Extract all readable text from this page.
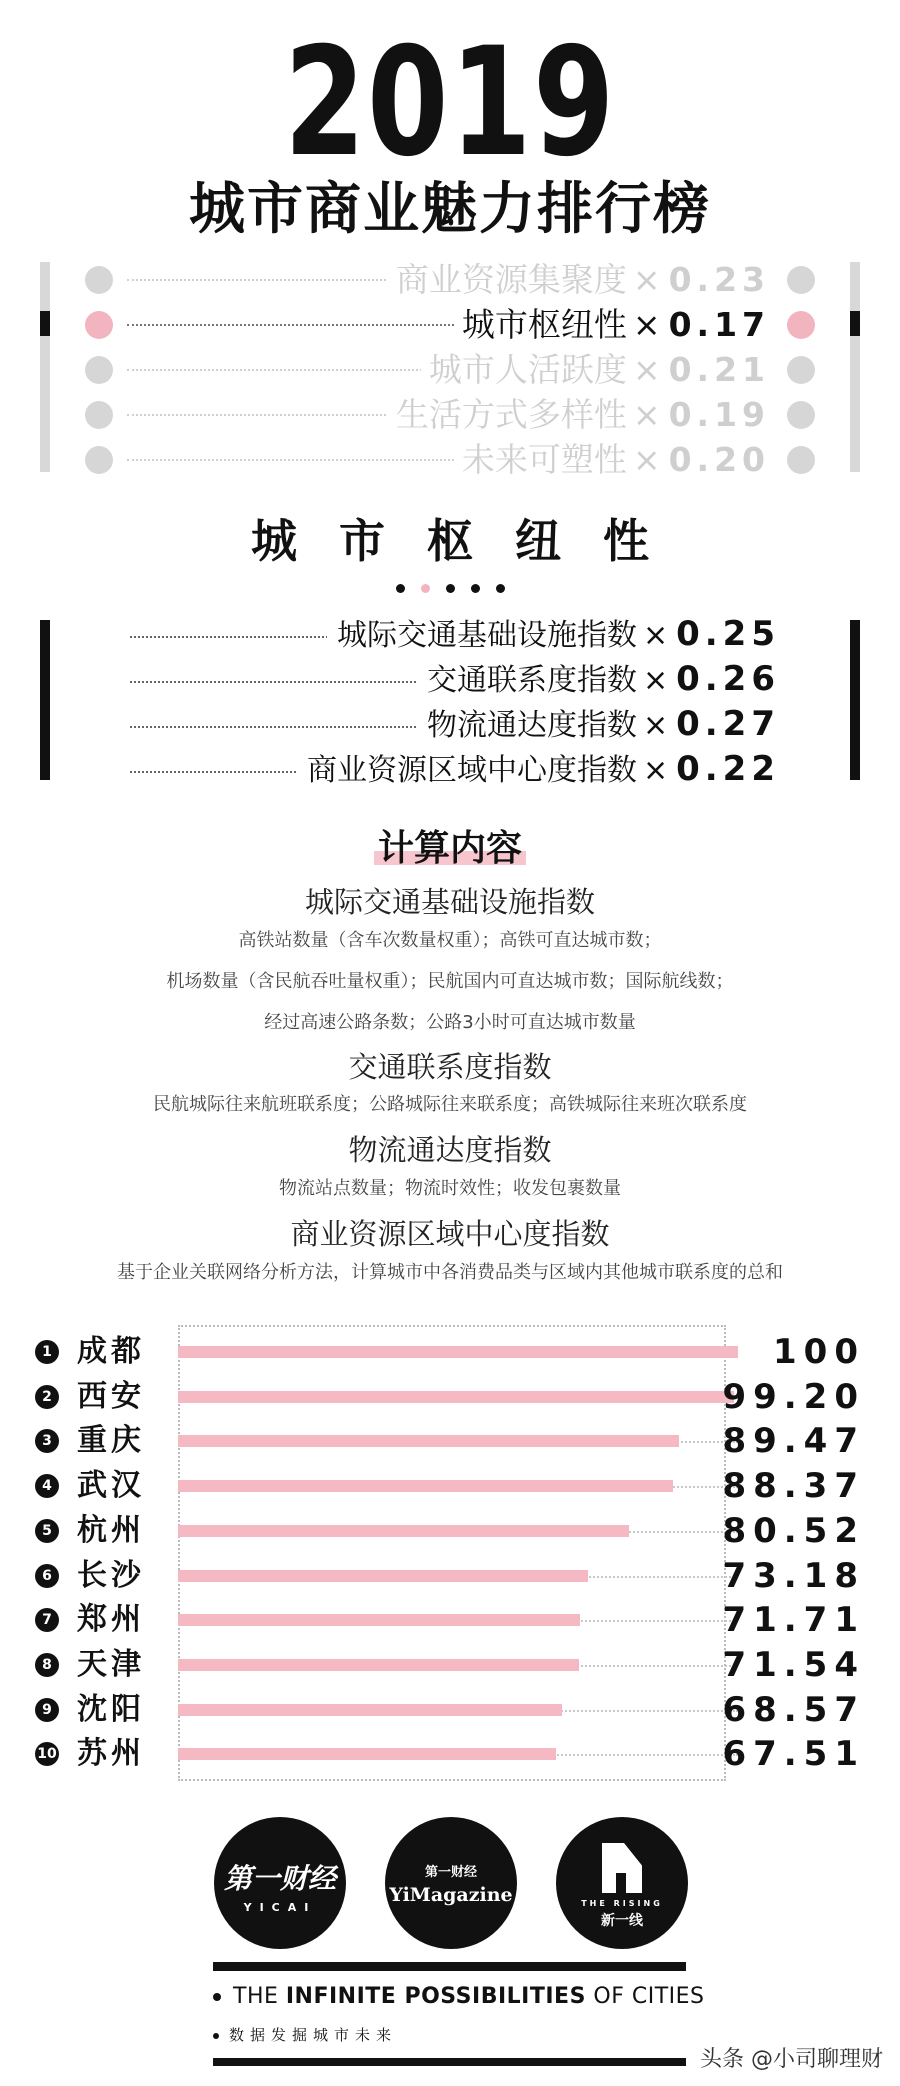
2019
城市商业魅力排行榜
商业资源集聚度 × 0.23
城市枢纽性 × 0.17
城市人活跃度 × 0.21
生活方式多样性 × 0.19
未来可塑性 × 0.20
城市枢纽性
城际交通基础设施指数 × 0.25
交通联系度指数 × 0.26
物流通达度指数 × 0.27
商业资源区域中心度指数 × 0.22
计算内容
城际交通基础设施指数
高铁站数量（含车次数量权重）；高铁可直达城市数；
机场数量（含民航吞吐量权重）；民航国内可直达城市数；国际航线数；
经过高速公路条数；公路3小时可直达城市数量
交通联系度指数
民航城际往来航班联系度；公路城际往来联系度；高铁城际往来班次联系度
物流通达度指数
物流站点数量；物流时效性；收发包裹数量
商业资源区域中心度指数
基于企业关联网络分析方法，计算城市中各消费品类与区域内其他城市联系度的总和
1 成都	100
2 西安	99.20
3 重庆	89.47
4 武汉	88.37
5 杭州	80.52
6 长沙	73.18
7 郑州	71.71
8 天津	71.54
9 沈阳	68.57
10 苏州	67.51
第一财经
YICAI
第一财经
YiMagazine	THE RISING
新一线
THE INFINITE POSSIBILITIES OF CITIES
数据发掘城市未来
头条 @小司聊理财
